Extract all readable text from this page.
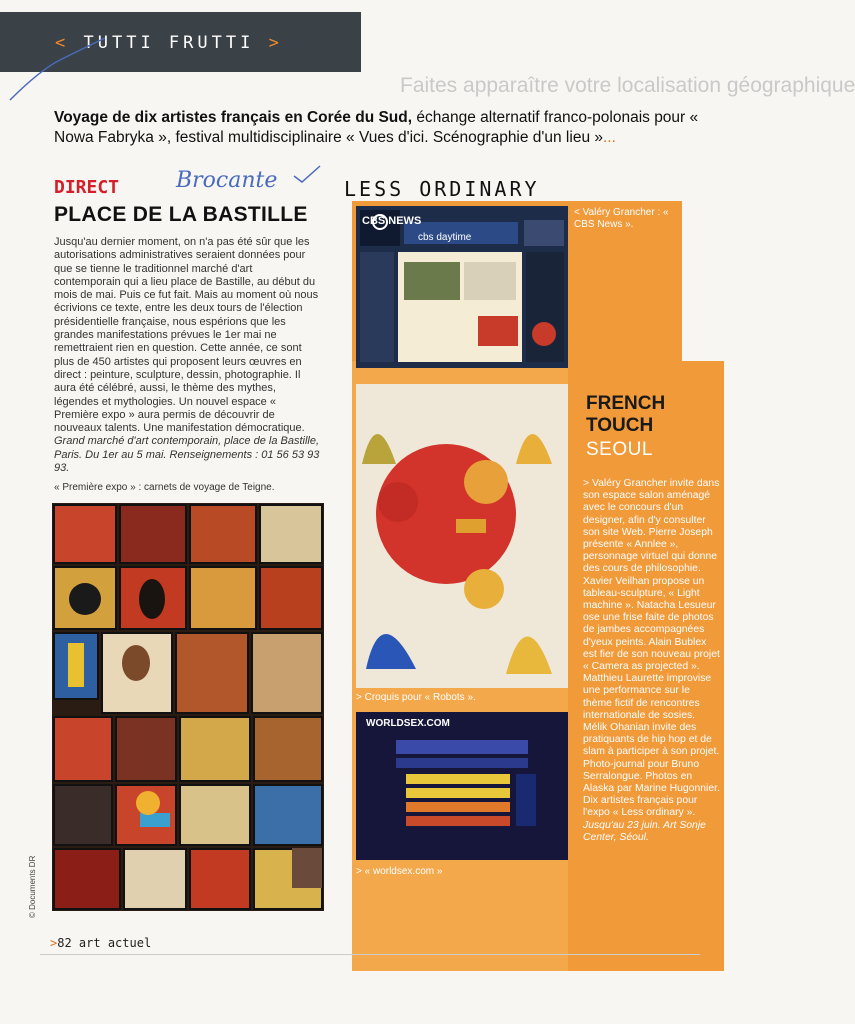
< TUTTI FRUTTI >
Faites apparaître votre localisation géographique
Voyage de dix artistes français en Corée du Sud, échange alternatif franco-polonais pour « Nowa Fabryka », festival multidisciplinaire « Vues d'ici. Scénographie d'un lieu »...
DIRECT	Brocante
PLACE DE LA BASTILLE
Jusqu'au dernier moment, on n'a pas été sûr que les autorisations administratives seraient données pour que se tienne le traditionnel marché d'art contemporain qui a lieu place de Bastille, au début du mois de mai. Puis ce fut fait. Mais au moment où nous écrivions ce texte, entre les deux tours de l'élection présidentielle française, nous espérions que les grandes manifestations prévues le 1er mai ne remettraient rien en question. Cette année, ce sont plus de 450 artistes qui proposent leurs œuvres en direct : peinture, sculpture, dessin, photographie. Il aura été célébré, aussi, le thème des mythes, légendes et mythologies. Un nouvel espace « Première expo » aura permis de découvrir de nouveaux talents. Une manifestation démocratique. Grand marché d'art contemporain, place de la Bastille, Paris. Du 1er au 5 mai. Renseignements : 01 56 53 93 93.
« Première expo » : carnets de voyage de Teigne.
© Documents DR
LESS ORDINARY
CBS NEWS
cbs daytime
< Valéry Grancher : « CBS News ».
> Croquis pour « Robots ».
WORLDSEX.COM
> « worldsex.com »
FRENCH
TOUCH
SEOUL
> Valéry Grancher invite dans son espace salon aménagé avec le concours d'un designer, afin d'y consulter son site Web. Pierre Joseph présente « Annlee », personnage virtuel qui donne des cours de philosophie. Xavier Veilhan propose un tableau-sculpture, « Light machine ». Natacha Lesueur ose une frise faite de photos de jambes accompagnées d'yeux peints. Alain Bublex est fier de son nouveau projet « Camera as projected ». Matthieu Laurette improvise une performance sur le thème fictif de rencontres internationale de sosies. Mélik Ohanian invite des pratiquants de hip hop et de slam à participer à son projet. Photo-journal pour Bruno Serralongue. Photos en Alaska par Marine Hugonnier. Dix artistes français pour l'expo « Less ordinary ». Jusqu'au 23 juin. Art Sonje Center, Séoul.
>82 art actuel
